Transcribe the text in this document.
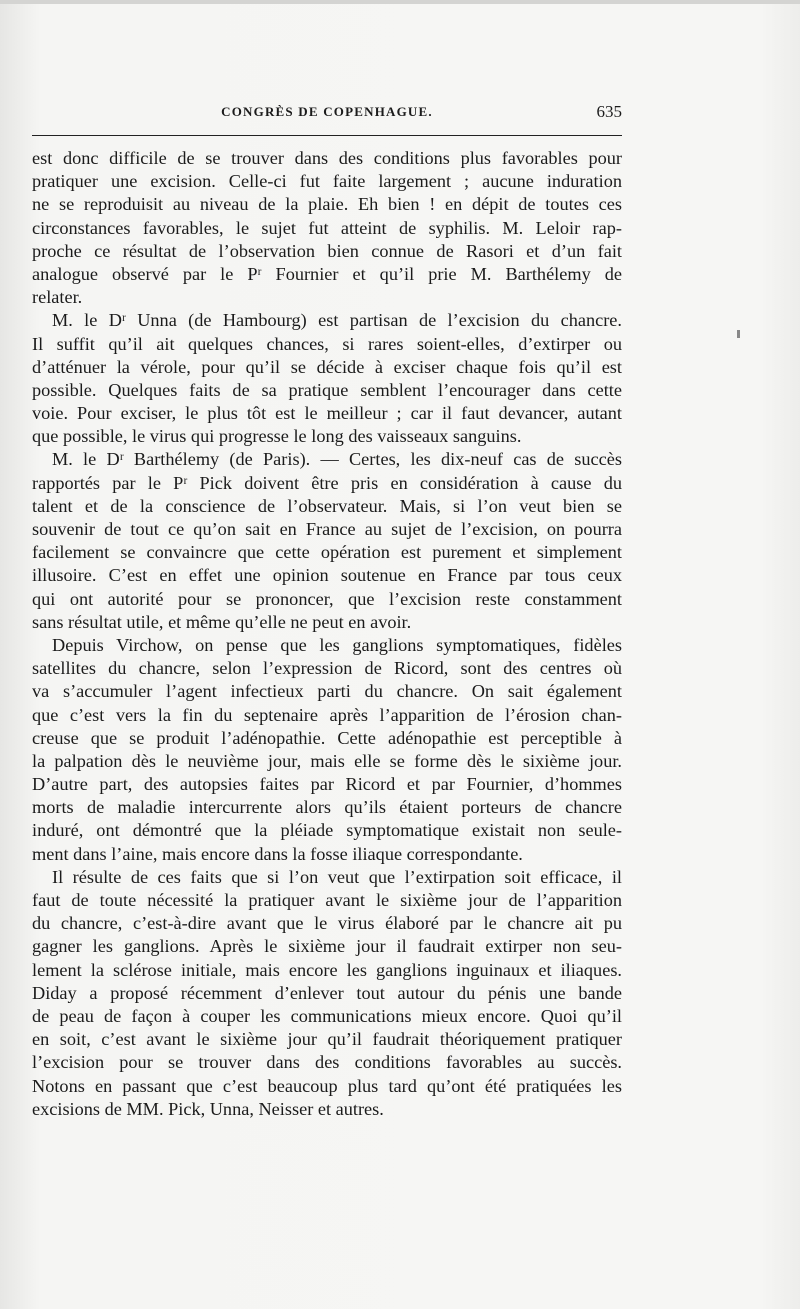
CONGRÈS DE COPENHAGUE.	635
est donc difficile de se trouver dans des conditions plus favorables pour
pratiquer une excision. Celle-ci fut faite largement ; aucune induration
ne se reproduisit au niveau de la plaie. Eh bien ! en dépit de toutes ces
circonstances favorables, le sujet fut atteint de syphilis. M. Leloir rap-
proche ce résultat de l’observation bien connue de Rasori et d’un fait
analogue observé par le Pʳ Fournier et qu’il prie M. Barthélemy de
relater.
M. le Dʳ Unna (de Hambourg) est partisan de l’excision du chancre.
Il suffit qu’il ait quelques chances, si rares soient-elles, d’extirper ou
d’atténuer la vérole, pour qu’il se décide à exciser chaque fois qu’il est
possible. Quelques faits de sa pratique semblent l’encourager dans cette
voie. Pour exciser, le plus tôt est le meilleur ; car il faut devancer, autant
que possible, le virus qui progresse le long des vaisseaux sanguins.
M. le Dʳ Barthélemy (de Paris). — Certes, les dix-neuf cas de succès
rapportés par le Pʳ Pick doivent être pris en considération à cause du
talent et de la conscience de l’observateur. Mais, si l’on veut bien se
souvenir de tout ce qu’on sait en France au sujet de l’excision, on pourra
facilement se convaincre que cette opération est purement et simplement
illusoire. C’est en effet une opinion soutenue en France par tous ceux
qui ont autorité pour se prononcer, que l’excision reste constamment
sans résultat utile, et même qu’elle ne peut en avoir.
Depuis Virchow, on pense que les ganglions symptomatiques, fidèles
satellites du chancre, selon l’expression de Ricord, sont des centres où
va s’accumuler l’agent infectieux parti du chancre. On sait également
que c’est vers la fin du septenaire après l’apparition de l’érosion chan-
creuse que se produit l’adénopathie. Cette adénopathie est perceptible à
la palpation dès le neuvième jour, mais elle se forme dès le sixième jour.
D’autre part, des autopsies faites par Ricord et par Fournier, d’hommes
morts de maladie intercurrente alors qu’ils étaient porteurs de chancre
induré, ont démontré que la pléiade symptomatique existait non seule-
ment dans l’aine, mais encore dans la fosse iliaque correspondante.
Il résulte de ces faits que si l’on veut que l’extirpation soit efficace, il
faut de toute nécessité la pratiquer avant le sixième jour de l’apparition
du chancre, c’est-à-dire avant que le virus élaboré par le chancre ait pu
gagner les ganglions. Après le sixième jour il faudrait extirper non seu-
lement la sclérose initiale, mais encore les ganglions inguinaux et iliaques.
Diday a proposé récemment d’enlever tout autour du pénis une bande
de peau de façon à couper les communications mieux encore. Quoi qu’il
en soit, c’est avant le sixième jour qu’il faudrait théoriquement pratiquer
l’excision pour se trouver dans des conditions favorables au succès.
Notons en passant que c’est beaucoup plus tard qu’ont été pratiquées les
excisions de MM. Pick, Unna, Neisser et autres.
